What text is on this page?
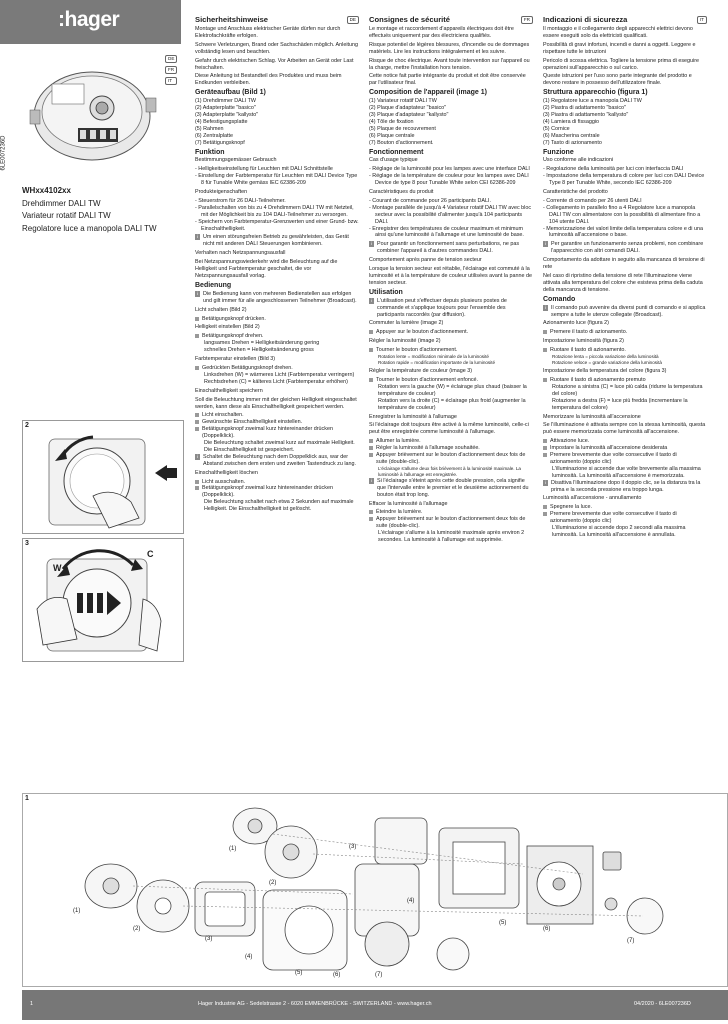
:hager
DE
FR
IT
6LE007236D
WHxx4102xx
Drehdimmer DALI TW
Variateur rotatif DALI TW
Regolatore luce a manopola DALI TW
2
3
W
C
Sicherheitshinweise	DE

Montage und Anschluss elektrischer Geräte dürfen nur durch Elektrofachkräfte erfolgen.

Schwere Verletzungen, Brand oder Sachschäden möglich. Anleitung vollständig lesen und beachten.

Gefahr durch elektrischen Schlag. Vor Arbeiten an Gerät oder Last freischalten.

Diese Anleitung ist Bestandteil des Produktes und muss beim Endkunden verbleiben.

Geräteaufbau (Bild 1)
(1) Drehdimmer DALI TW
(2) Adapterplatte "basico"
(3) Adapterplatte "kallysto"
(4) Befestigungsplatte
(5) Rahmen
(6) Zentralplatte
(7) Betätigungsknopf
Funktion

Bestimmungsgemässer Gebrauch

- Helligkeitseinstellung für Leuchten mit DALI Schnittstelle
- Einstellung der Farbtemperatur für Leuchten mit DALI Device Type 8 für Tunable White gemäss IEC 62386-209

Produkteigenschaften

- Steuerstrom für 26 DALI-Teilnehmer.
- Parallelschalten von bis zu 4 Drehdimmern DALI TW mit Netzteil, mit der Möglichkeit bis zu 104 DALI-Teilnehmer zu versorgen.
- Speichern von Farbtemperatur-Grenzwerten und einer Grund- bzw. Einschalthelligkeit.
i Um einen störungsfreien Betrieb zu gewährleisten, das Gerät nicht mit anderen DALI Steuerungen kombinieren.

Verhalten nach Netzspannungsausfall

Bei Netzspannungswiederkehr wird die Beleuchtung auf die Helligkeit und Farbtemperatur geschaltet, die vor Netzspannungsausfall vorlag.

Bedienung
i Die Bedienung kann von mehreren Bedienstellen aus erfolgen und gilt immer für alle angeschlossenen Teilnehmer (Broadcast).

Licht schalten (Bild 2)

Betätigungsknopf drücken.

Helligkeit einstellen (Bild 2)

Betätigungsknopf drehen.
langsames Drehen = Helligkeitsänderung gering
schnelles Drehen = Helligkeitsänderung gross

Farbtemperatur einstellen (Bild 3)

Gedrückten Betätigungsknopf drehen.
Linksdrehen (W) = wärmeres Licht (Farbtemperatur verringern)
Rechtsdrehen (C) = kälteres Licht (Farbtemperatur erhöhen)

Einschalthelligkeit speichern

Soll die Beleuchtung immer mit der gleichen Helligkeit eingeschaltet werden, kann diese als Einschalthelligkeit gespeichert werden.

Licht einschalten.
Gewünschte Einschalthelligkeit einstellen.
Betätigungsknopf zweimal kurz hintereinander drücken (Doppelklick).
Die Beleuchtung schaltet zweimal kurz auf maximale Helligkeit. Die Einschalthelligkeit ist gespeichert.
i Schaltet die Beleuchtung nach dem Doppelklick aus, war der Abstand zwischen dem ersten und zweiten Tastendruck zu lang.

Einschalthelligkeit löschen

Licht ausschalten.
Betätigungsknopf zweimal kurz hintereinander drücken (Doppelklick).
Die Beleuchtung schaltet nach etwa 2 Sekunden auf maximale Helligkeit. Die Einschalthelligkeit ist gelöscht.
Consignes de sécurité	FR

Le montage et raccordement d'appareils électriques doit être effectués uniquement par des électriciens qualifiés.

Risque potentiel de légères blessures, d'incendie ou de dommages matériels. Lire les instructions intégralement et les suivre.

Risque de choc électrique. Avant toute intervention sur l'appareil ou la charge, mettre l'installation hors tension.

Cette notice fait partie intégrante du produit et doit être conservée par l'utilisateur final.

Composition de l'appareil (image 1)
(1) Variateur rotatif DALI TW
(2) Plaque d'adaptateur "basico"
(3) Plaque d'adaptateur "kallysto"
(4) Tôle de fixation
(5) Plaque de recouvrement
(6) Plaque centrale
(7) Bouton d'actionnement.
Fonctionnement

Cas d'usage typique

- Réglage de la luminosité pour les lampes avec une interface DALI
- Réglage de la température de couleur pour les lampes avec DALI Device de type 8 pour Tunable White selon CEI 62386-209

Caractéristiques du produit

- Courant de commande pour 26 participants DALI.
- Montage parallèle de jusqu'à 4 Variateur rotatif DALI TW avec bloc secteur avec la possibilité d'alimenter jusqu'à 104 participants DALI.
- Enregistrer des températures de couleur maximum et minimum ainsi qu'une luminosité à l'allumage et une luminosité de base.
i Pour garantir un fonctionnement sans perturbations, ne pas combiner l'appareil à d'autres commandes DALI.

Comportement après panne de tension secteur

Lorsque la tension secteur est rétablie, l'éclairage est commuté à la luminosité et à la température de couleur utilisées avant la panne de tension secteur.

Utilisation
i L'utilisation peut s'effectuer depuis plusieurs postes de commande et s'applique toujours pour l'ensemble des participants raccordés (par diffusion).

Commuter la lumière (image 2)

Appuyer sur le bouton d'actionnement.

Régler la luminosité (image 2)

Tourner le bouton d'actionnement.
Rotation lente = modification minimale de la luminosité
Rotation rapide = modification importante de la luminosité

Régler la température de couleur (image 3)

Tourner le bouton d'actionnement enfoncé.
Rotation vers la gauche (W) = éclairage plus chaud (baisser la température de couleur)
Rotation vers la droite (C) = éclairage plus froid (augmenter la température de couleur)

Enregistrer la luminosité à l'allumage

Si l'éclairage doit toujours être activé à la même luminosité, celle-ci peut être enregistrée comme luminosité à l'allumage.

Allumer la lumière.
Régler la luminosité à l'allumage souhaitée.
Appuyer brièvement sur le bouton d'actionnement deux fois de suite (double-clic).
L'éclairage s'allume deux fois brièvement à la luminosité maximale. La luminosité à l'allumage est enregistrée.
i Si l'éclairage s'éteint après cette double pression, cela signifie que l'intervalle entre le premier et le deuxième actionnement du bouton était trop long.

Effacer la luminosité à l'allumage

Éteindre la lumière.
Appuyer brièvement sur le bouton d'actionnement deux fois de suite (double-clic).
L'éclairage s'allume à la luminosité maximale après environ 2 secondes. La luminosité à l'allumage est supprimée.
Indicazioni di sicurezza	IT

Il montaggio e il collegamento degli apparecchi elettrici devono essere eseguiti solo da elettricisti qualificati.

Possibilità di gravi infortuni, incendi e danni a oggetti. Leggere e rispettare tutte le istruzioni

Pericolo di scossa elettrica. Togliere la tensione prima di eseguire operazioni sull'apparecchio o sul carico.

Queste istruzioni per l'uso sono parte integrante del prodotto e devono restare in possesso dell'utilizzatore finale.

Struttura apparecchio (figura 1)
(1) Regolatore luce a manopola DALI TW
(2) Piastra di adattamento "basico"
(3) Piastra di adattamento "kallysto"
(4) Lamiera di fissaggio
(5) Cornice
(6) Mascherina centrale
(7) Tasto di azionamento
Funzione

Uso conforme alle indicazioni

- Regolazione della luminosità per luci con interfaccia DALI
- Impostazione della temperatura di colore per luci con DALI Device Type 8 per Tunable White, secondo IEC 62386-209

Caratteristiche del prodotto

- Corrente di comando per 26 utenti DALI
- Collegamento in parallelo fino a 4 Regolatore luce a manopola DALI TW con alimentatore con la possibilità di alimentare fino a 104 utente DALI.
- Memorizzazione dei valori limite della temperatura colore e di una luminosità all'accensione o base.
i Per garantire un funzionamento senza problemi, non combinare l'apparecchio con altri comandi DALI.

Comportamento da adottare in seguito alla mancanza di tensione di rete

Nel caso di ripristino della tensione di rete l'illuminazione viene attivata alla temperatura del colore che esisteva prima della caduta della mancanza di tensione.

Comando
i Il comando può avvenire da diversi punti di comando e si applica sempre a tutte le utenze collegate (Broadcast).

Azionamento luce (figura 2)

Premere il tasto di azionamento.

Impostazione luminosità (figura 2)

Ruotare il tasto di azionamento.
Rotazione lenta = piccola variazione della luminosità
Rotazione veloce = grande variazione della luminosità

Impostazione della temperatura del colore (figura 3)

Ruotare il tasto di azionamento premuto
Rotazione a sinistra (C) = luce più calda (ridurre la temperatura del colore)
Rotazione a destra (F) = luce più fredda (incrementare la temperatura del colore)

Memorizzare la luminosità all'accensione

Se l'illuminazione è attivata sempre con la stessa luminosità, questa può essere memorizzata come luminosità all'accensione.

Attivazione luce.
Impostare la luminosità all'accensione desiderata
Premere brevemente due volte consecutive il tasto di azionamento (doppio clic)
L'illuminazione si accende due volte brevemente alla massima luminosità. La luminosità all'accensione è memorizzata.
i Disattiva l'illuminazione dopo il doppio clic, se la distanza tra la prima e la seconda pressione era troppo lunga.

Luminosità all'accensione - annullamento

Spegnere la luce.
Premere brevemente due volte consecutive il tasto di azionamento (doppio clic)
L'illuminazione si accende dopo 2 secondi alla massima luminosità. La luminosità all'accensione è annullata.
1
(1)
(2)
(3)
(4)
(5)	(6)	(7)
(1)
(2)
(3)
(4)
(5)
(6)
(7)
1	Hager Industrie AG - Sedelstrasse 2 - 6020 EMMENBRÜCKE - SWITZERLAND - www.hager.ch	04/2020 - 6LE007236D
